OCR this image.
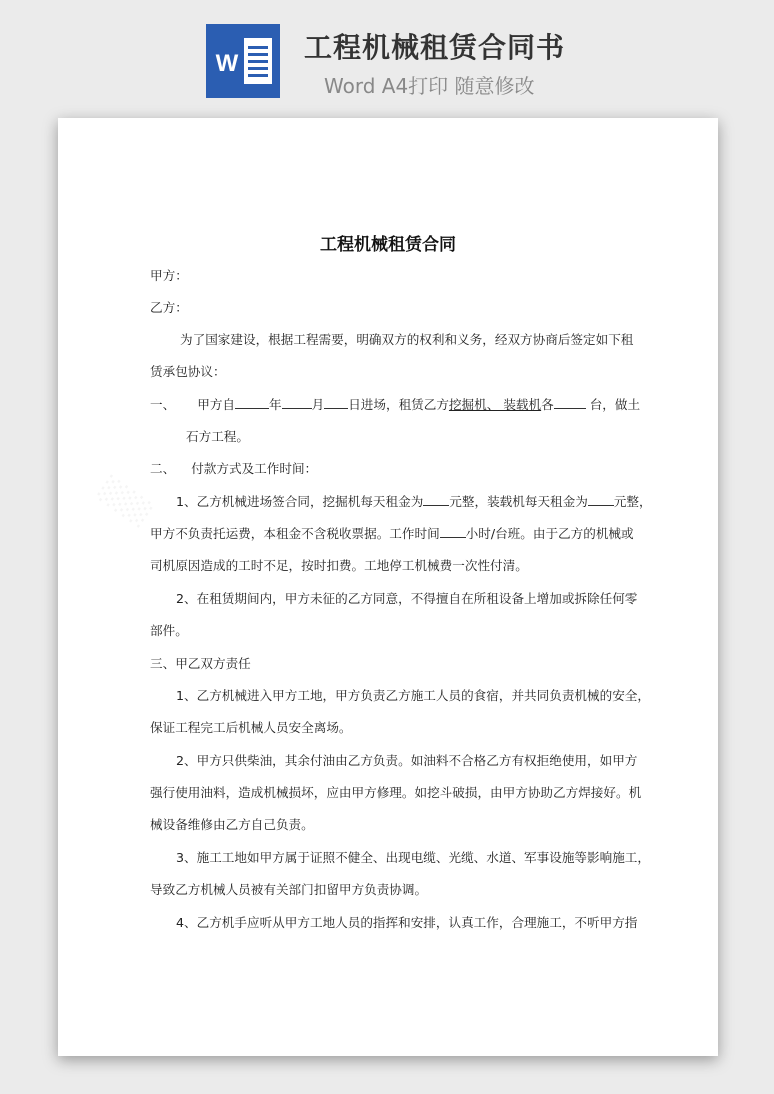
W 工程机械租赁合同书
Word A4打印 随意修改
░░░
工程机械租赁合同
甲方：
乙方：
为了国家建设，根据工程需要，明确双方的权利和义务，经双方协商后签定如下租
赁承包协议：
一、 甲方自	年 月 日进场，租赁乙方挖掘机、 装载机各	台，做土
石方工程。
二、    付款方式及工作时间：
1、乙方机械进场签合同，挖掘机每天租金为 元整，装载机每天租金为 元整，
甲方不负责托运费，本租金不含税收票据。工作时间 小时/台班。由于乙方的机械或
司机原因造成的工时不足，按时扣费。工地停工机械费一次性付清。
2、在租赁期间内，甲方未征的乙方同意，不得擅自在所租设备上增加或拆除任何零
部件。
三、甲乙双方责任
1、乙方机械进入甲方工地，甲方负责乙方施工人员的食宿，并共同负责机械的安全，
保证工程完工后机械人员安全离场。
2、甲方只供柴油，其余付油由乙方负责。如油料不合格乙方有权拒绝使用，如甲方
强行使用油料，造成机械损坏，应由甲方修理。如挖斗破损，由甲方协助乙方焊接好。机
械设备维修由乙方自己负责。
3、施工工地如甲方属于证照不健全、出现电缆、光缆、水道、军事设施等影响施工，
导致乙方机械人员被有关部门扣留甲方负责协调。
4、乙方机手应听从甲方工地人员的指挥和安排，认真工作，合理施工，不听甲方指
